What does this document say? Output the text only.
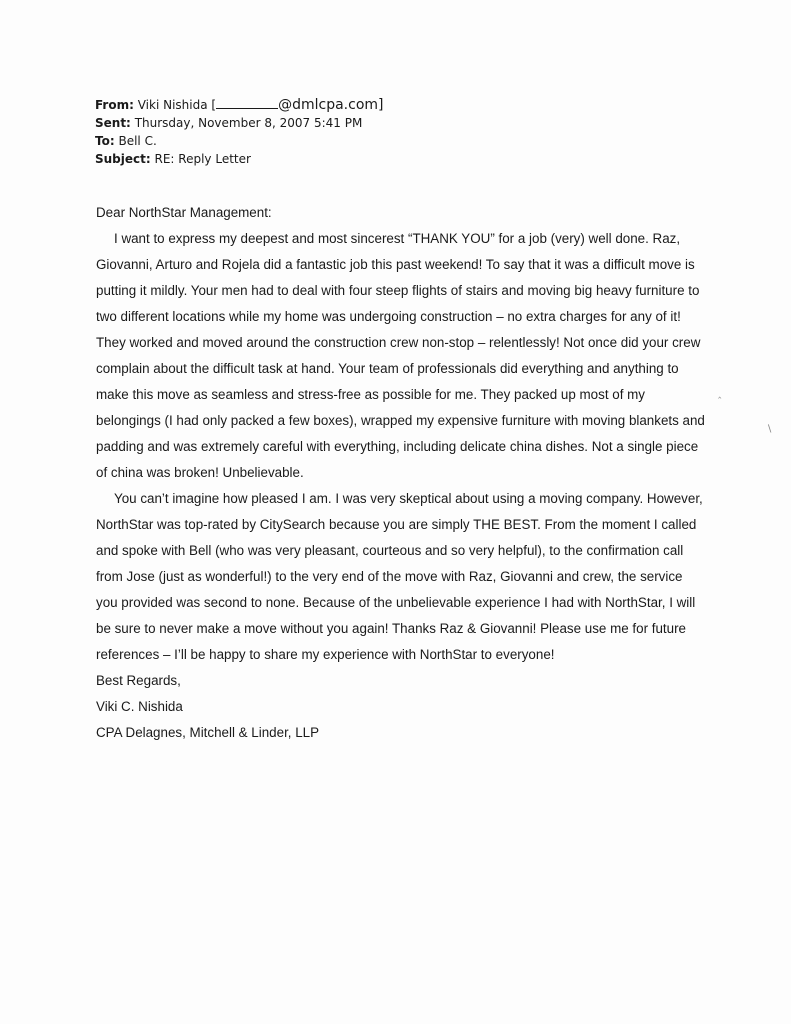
From: Viki Nishida [	@dmlcpa.com]
Sent: Thursday, November 8, 2007 5:41 PM
To: Bell C.
Subject: RE: Reply Letter

Dear NorthStar Management:

I want to express my deepest and most sincerest “THANK YOU” for a job (very) well done. Raz, Giovanni, Arturo and Rojela did a fantastic job this past weekend! To say that it was a difficult move is putting it mildly. Your men had to deal with four steep flights of stairs and moving big heavy furniture to two different locations while my home was undergoing construction – no extra charges for any of it! They worked and moved around the construction crew non-stop – relentlessly! Not once did your crew complain about the difficult task at hand. Your team of professionals did everything and anything to make this move as seamless and stress-free as possible for me. They packed up most of my belongings (I had only packed a few boxes), wrapped my expensive furniture with moving blankets and padding and was extremely careful with everything, including delicate china dishes. Not a single piece of china was broken! Unbelievable.

You can’t imagine how pleased I am. I was very skeptical about using a moving company. However, NorthStar was top-rated by CitySearch because you are simply THE BEST. From the moment I called and spoke with Bell (who was very pleasant, courteous and so very helpful), to the confirmation call from Jose (just as wonderful!) to the very end of the move with Raz, Giovanni and crew, the service you provided was second to none. Because of the unbelievable experience I had with NorthStar, I will be sure to never make a move without you again! Thanks Raz & Giovanni! Please use me for future references – I’ll be happy to share my experience with NorthStar to everyone!

Best Regards,

Viki C. Nishida

CPA Delagnes, Mitchell & Linder, LLP

‸
∖
